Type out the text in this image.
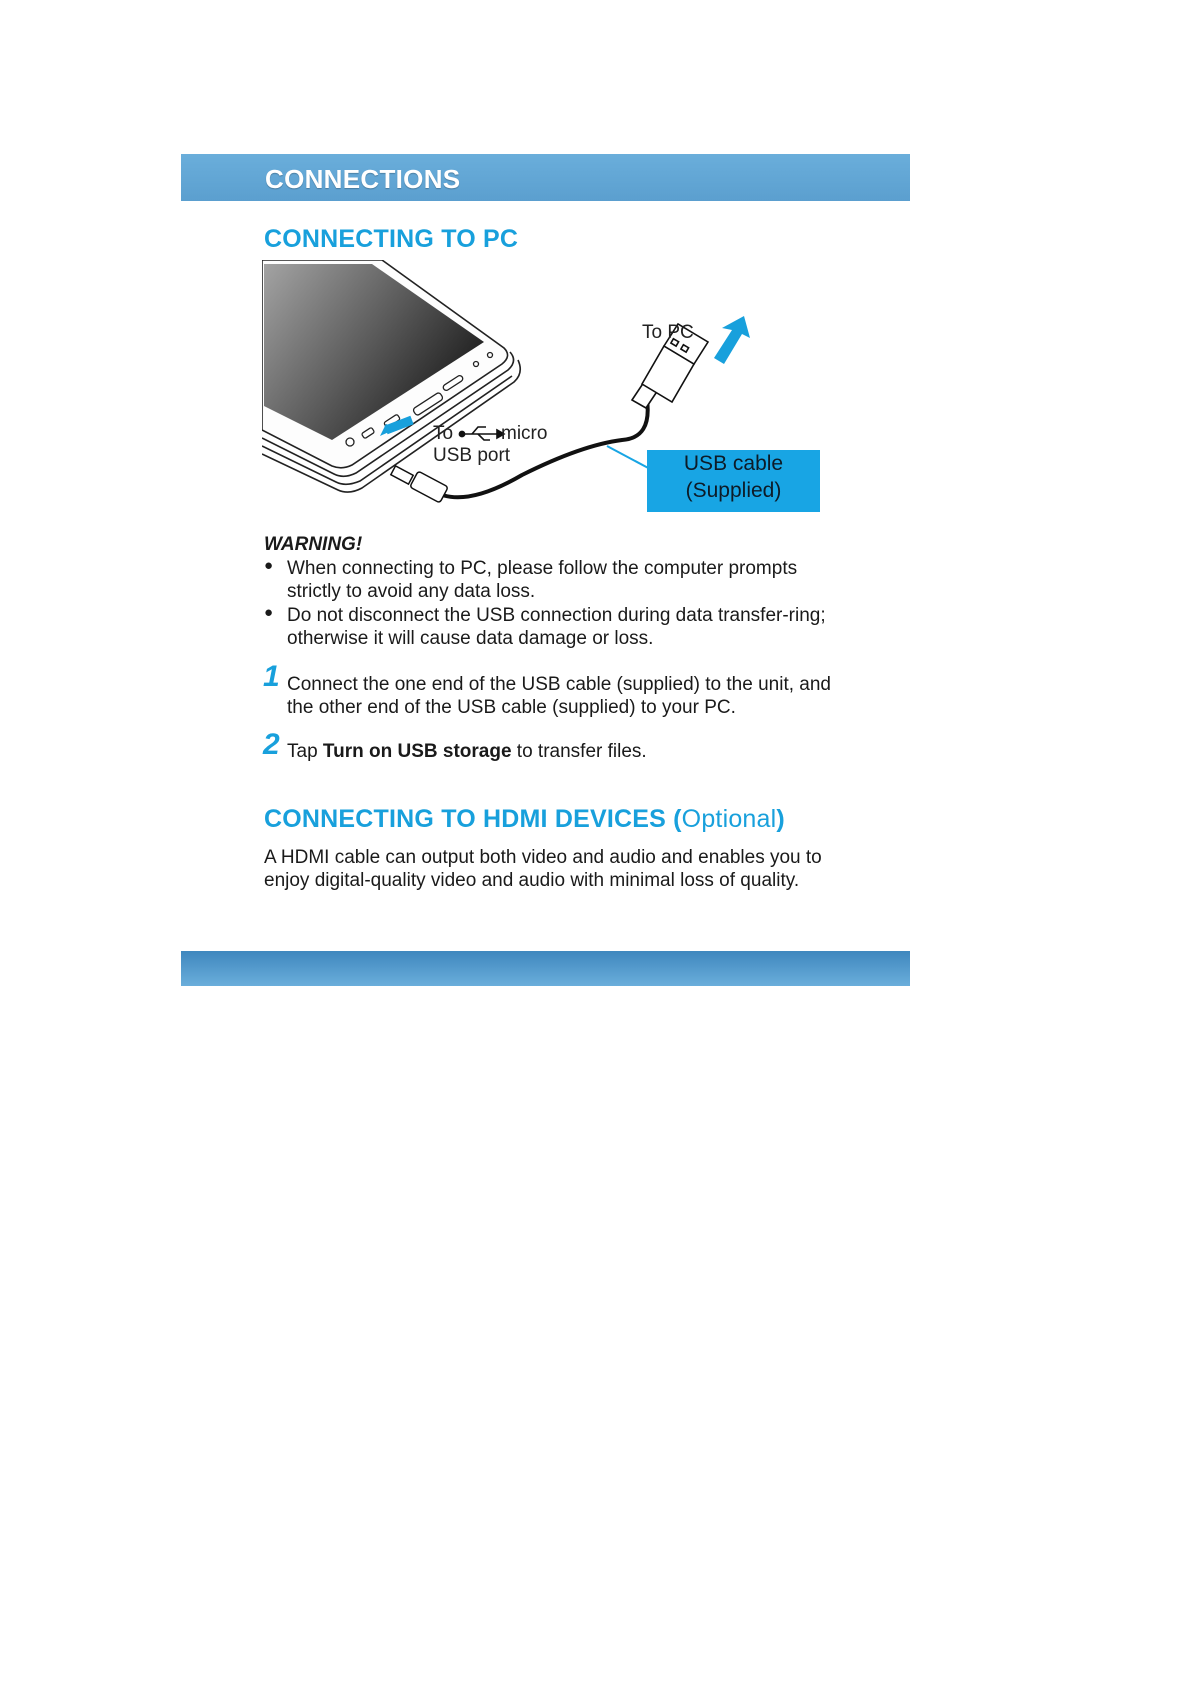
CONNECTIONS
CONNECTING TO PC
To PC
To	micro
USB port	USB cable
(Supplied)
WARNING!
● When connecting to PC, please follow the computer prompts strictly to avoid any data loss.
● Do not disconnect the USB connection during data transfer-ring; otherwise it will cause data damage or loss.
1 Connect the one end of the USB cable (supplied) to the unit, and the other end of the USB cable (supplied) to your PC.
2 Tap Turn on USB storage to transfer files.
CONNECTING TO HDMI DEVICES (Optional)
A HDMI cable can output both video and audio and enables you to enjoy digital-quality video and audio with minimal loss of quality.
